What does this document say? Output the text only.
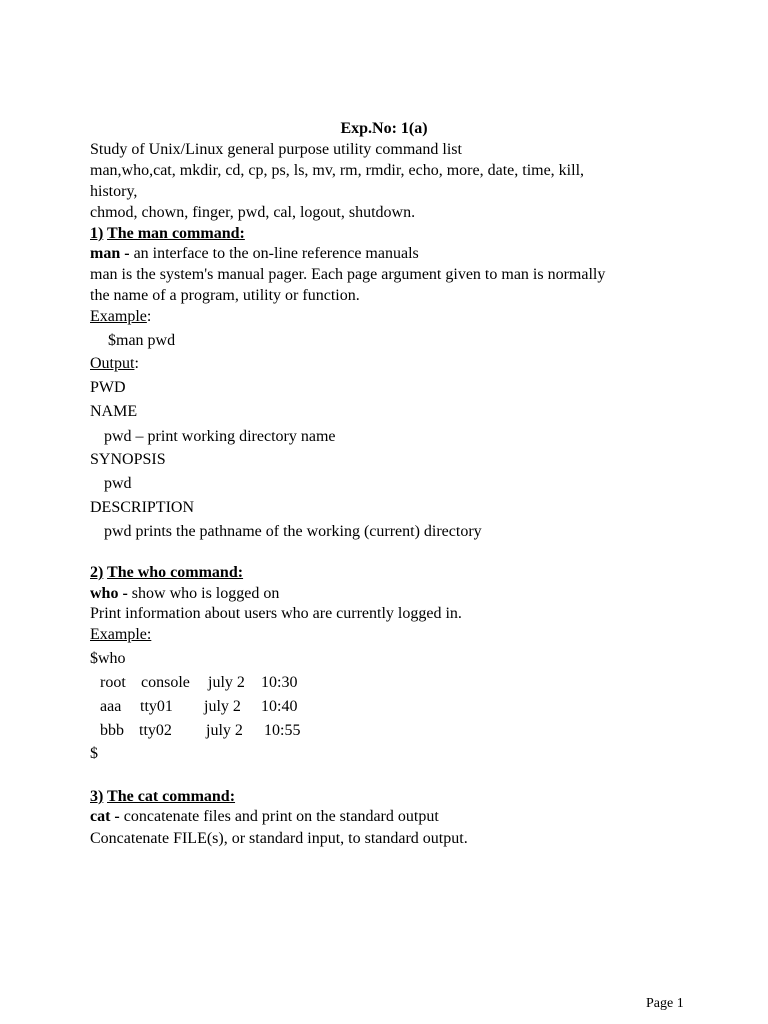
Exp.No: 1(a)
Study of Unix/Linux general purpose utility command list
man,who,cat, mkdir, cd, cp, ps, ls, mv, rm, rmdir, echo, more, date, time, kill,
history,
chmod, chown, finger, pwd, cal, logout, shutdown.
1) The man command:
man - an interface to the on-line reference manuals
man is the system's manual pager. Each page argument given to man is normally
the name of a program, utility or function.
Example:
$man pwd
Output:
PWD
NAME
pwd – print working directory name
SYNOPSIS
pwd
DESCRIPTION
pwd prints the pathname of the working (current) directory
2) The who command:
who - show who is logged on
Print information about users who are currently logged in.
Example:
$who
root console july 2 10:30
aaa tty01 july 2 10:40
bbb tty02 july 2 10:55
$
3) The cat command:
cat - concatenate files and print on the standard output
Concatenate FILE(s), or standard input, to standard output.
Page 1
